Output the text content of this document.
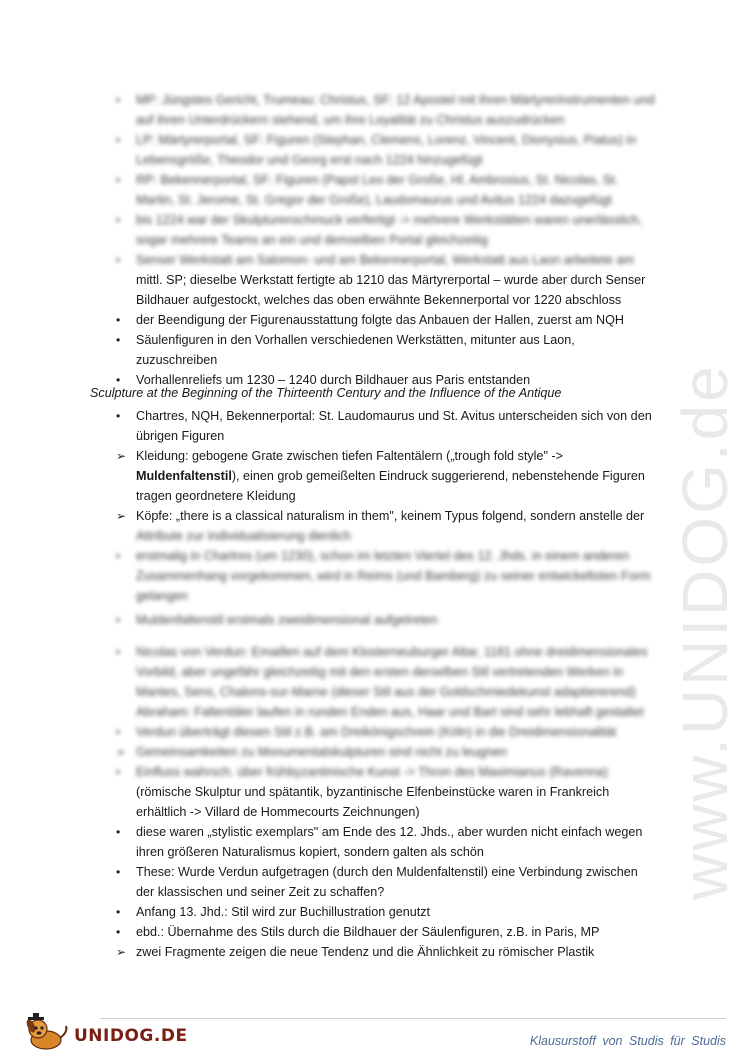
www.UNIDOG.de
•	MP: Jüngstes Gericht, Trumeau: Christus, SF: 12 Apostel mit ihren Märtyrerinstrumenten und auf ihren Unterdrückern stehend, um ihre Loyalität zu Christus auszudrücken
•	LP: Märtyrerportal, SF: Figuren (Stephan, Clemens, Lorenz, Vincent, Dionysius, Piatus) in Lebensgröße, Theodor und Georg erst nach 1224 hinzugefügt
•	RP: Bekennerportal, SF: Figuren (Papst Leo der Große, Hl. Ambrosius, St. Nicolas, St. Martin, St. Jerome, St. Gregor der Große), Laudomaurus und Avitus 1224 dazugefügt
•	bis 1224 war der Skulpturenschmuck verfertigt -> mehrere Werkstätten waren unerlässlich, sogar mehrere Teams an ein und demselben Portal gleichzeitig
•	Senser Werkstatt am Salomon- und am Bekennerportal, Werkstatt aus Laon arbeitete am
mittl. SP; dieselbe Werkstatt fertigte ab 1210 das Märtyrerportal – wurde aber durch Senser Bildhauer aufgestockt, welches das oben erwähnte Bekennerportal vor 1220 abschloss
•	der Beendigung der Figurenausstattung folgte das Anbauen der Hallen, zuerst am NQH
•	Säulenfiguren in den Vorhallen verschiedenen Werkstätten, mitunter aus Laon, zuzuschreiben
•	Vorhallenreliefs um 1230 – 1240 durch Bildhauer aus Paris entstanden
Sculpture at the Beginning of the Thirteenth Century and the Influence of the Antique
•	Chartres, NQH, Bekennerportal: St. Laudomaurus und St. Avitus unterscheiden sich von den übrigen Figuren
➢ Kleidung: gebogene Grate zwischen tiefen Faltentälern („trough fold style" ->
Muldenfaltenstil), einen grob gemeißelten Eindruck suggerierend, nebenstehende Figuren tragen geordnetere Kleidung
➢ Köpfe: „there is a classical naturalism in them", keinem Typus folgend, sondern anstelle der
Attribute zur Individualisierung dienlich
•	erstmalig in Chartres (um 1230), schon im letzten Viertel des 12. Jhds. in einem anderen Zusammenhang vorgekommen, wird in Reims (und Bamberg) zu seiner entwickeltsten Form gelangen
•	Muldenfaltenstil erstmals zweidimensional aufgetreten
•	Nicolas von Verdun: Emaillen auf dem Klosterneuburger Altar, 1181 ohne dreidimensionales Vorbild, aber ungefähr gleichzeitig mit den ersten derselben Stil vertretenden Werken in Mantes, Sens, Chalons-sur-Marne (dieser Stil aus der Goldschmiedekunst adaptiererend) Abraham: Faltentäler laufen in runden Enden aus, Haar und Bart sind sehr lebhaft gestaltet
•	Verdun überträgt diesen Stil z.B. am Dreikönigschrein (Köln) in die Dreidimensionalität
➢ Gemeinsamkeiten zu Monumentalskulpturen sind nicht zu leugnen
•	Einfluss wahrsch. über frühbyzantinische Kunst -> Thron des Maximianus (Ravenna)
(römische Skulptur und spätantik, byzantinische Elfenbeinstücke waren in Frankreich erhältlich -> Villard de Hommecourts Zeichnungen)
•	diese waren „stylistic exemplars" am Ende des 12. Jhds., aber wurden nicht einfach wegen ihren größeren Naturalismus kopiert, sondern galten als schön
•	These: Wurde Verdun aufgetragen (durch den Muldenfaltenstil) eine Verbindung zwischen der klassischen und seiner Zeit zu schaffen?
•	Anfang 13. Jhd.: Stil wird zur Buchillustration genutzt
•	ebd.: Übernahme des Stils durch die Bildhauer der Säulenfiguren, z.B. in Paris, MP
➢ zwei Fragmente zeigen die neue Tendenz und die Ähnlichkeit zu römischer Plastik
UNIDOG.DE	Klausurstoff von Studis für Studis
